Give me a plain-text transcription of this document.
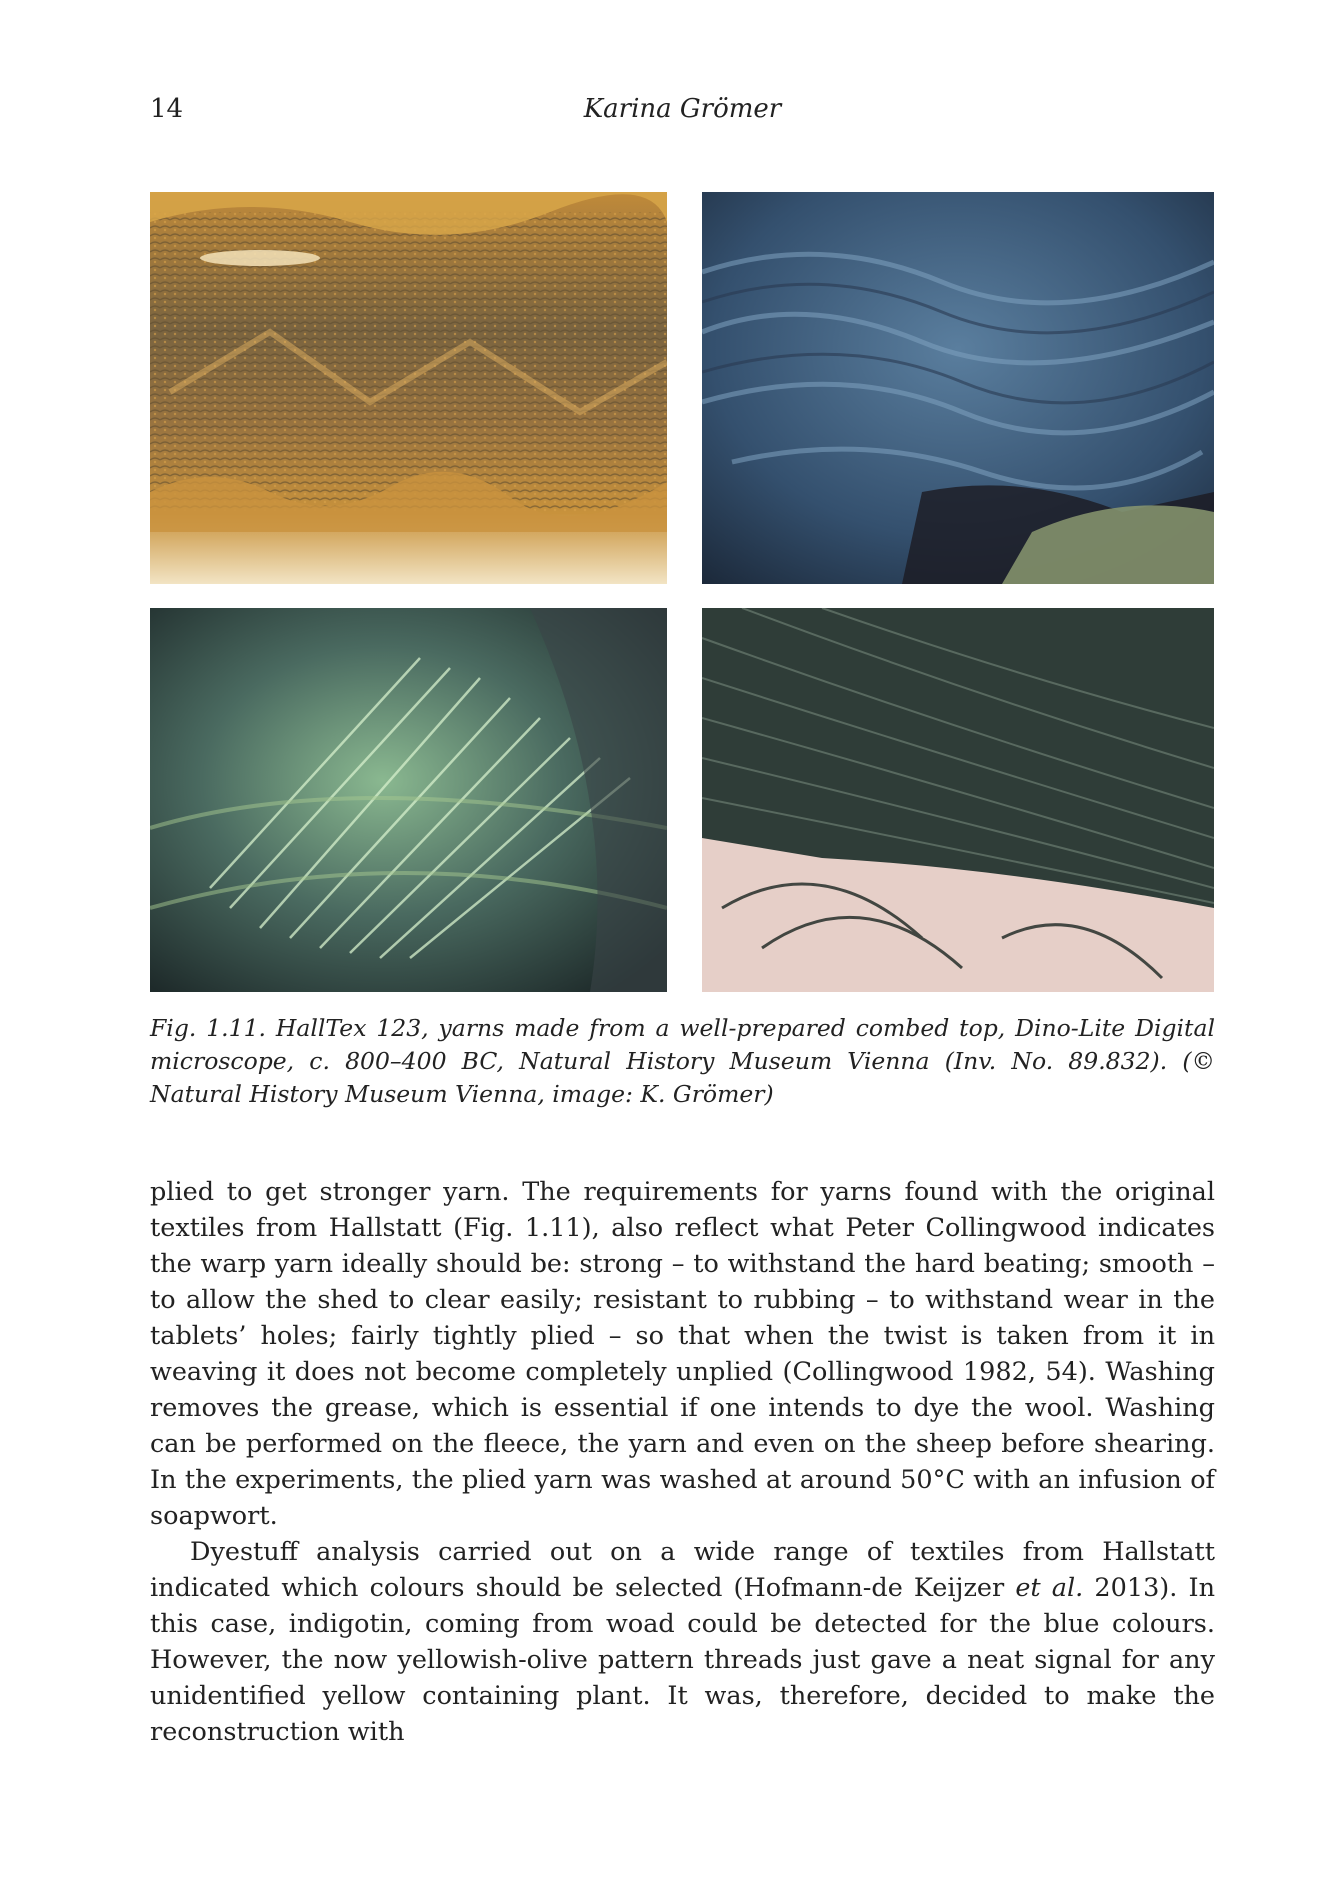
14	Karina Grömer

Fig. 1.11. HallTex 123, yarns made from a well-prepared combed top, Dino-Lite Digital microscope, c. 800–400 BC, Natural History Museum Vienna (Inv. No. 89.832). (© Natural History Museum Vienna, image: K. Grömer)

plied to get stronger yarn. The requirements for yarns found with the original textiles from Hallstatt (Fig. 1.11), also reflect what Peter Collingwood indicates the warp yarn ideally should be: strong – to withstand the hard beating; smooth – to allow the shed to clear easily; resistant to rubbing – to withstand wear in the tablets’ holes; fairly tightly plied – so that when the twist is taken from it in weaving it does not become completely unplied (Collingwood 1982, 54). Washing removes the grease, which is essential if one intends to dye the wool. Washing can be performed on the fleece, the yarn and even on the sheep before shearing. In the experiments, the plied yarn was washed at around 50°C with an infusion of soapwort.

Dyestuff analysis carried out on a wide range of textiles from Hallstatt indicated which colours should be selected (Hofmann-de Keijzer et al. 2013). In this case, indigotin, coming from woad could be detected for the blue colours. However, the now yellowish-olive pattern threads just gave a neat signal for any unidentified yellow containing plant. It was, therefore, decided to make the reconstruction with
